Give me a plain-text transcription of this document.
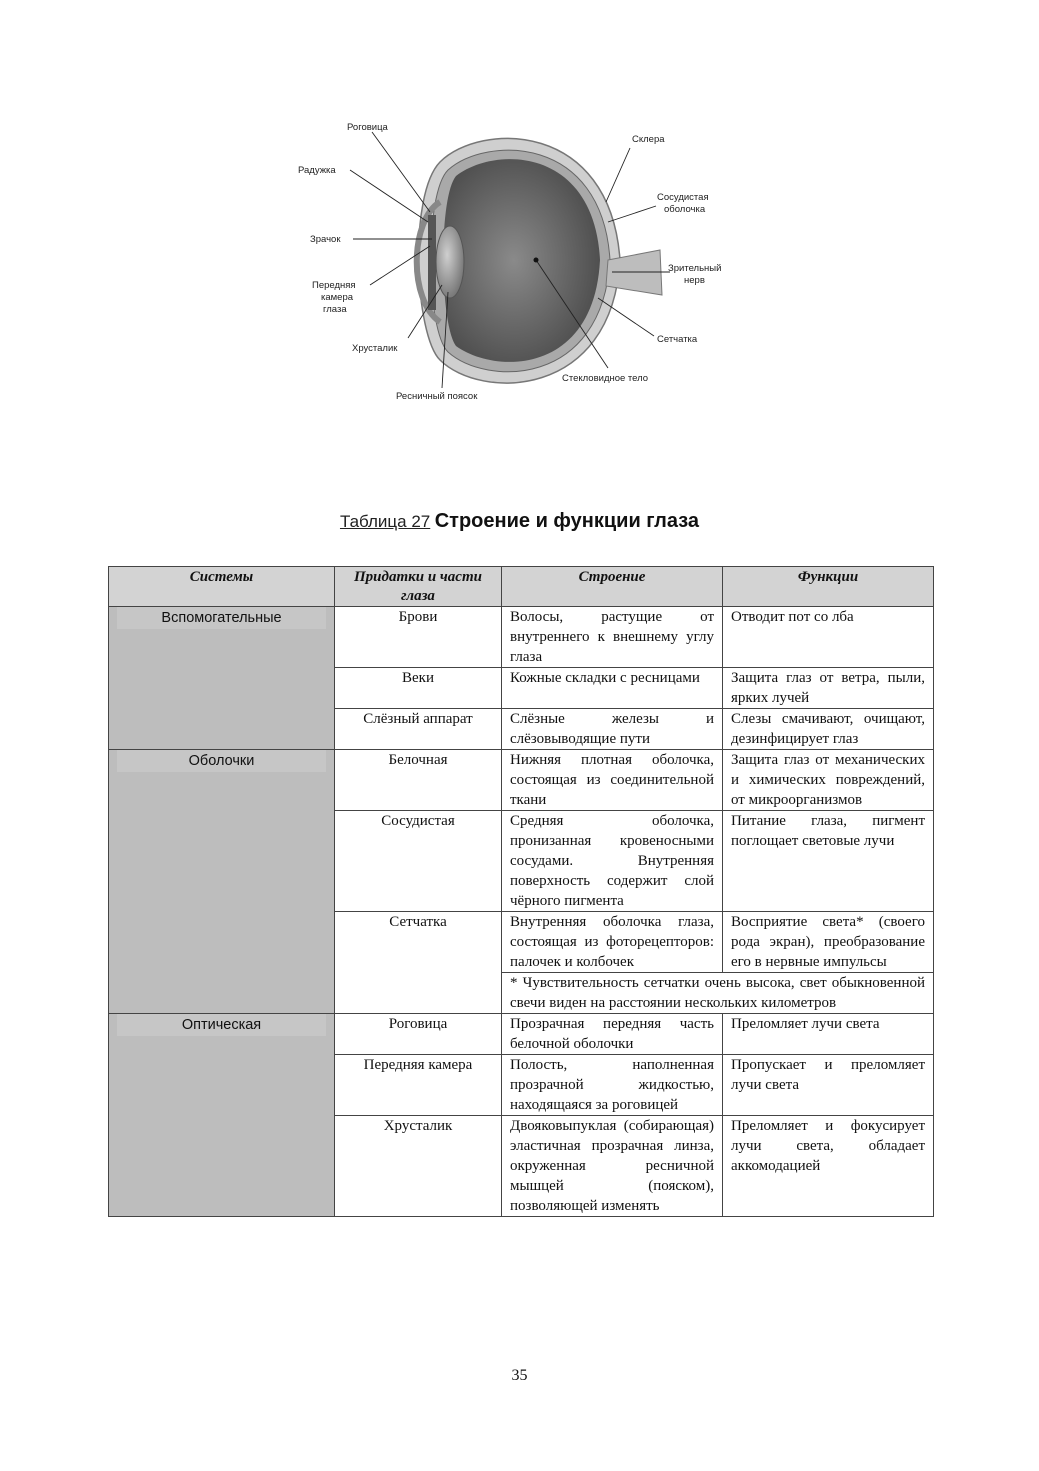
Роговица
Радужка
Зрачок
Передняя
камера
глаза
Хрусталик
Ресничный поясок
Склера
Сосудистая
оболочка
Зрительный
нерв
Сетчатка
Стекловидное тело
Таблица 27 Строение и функции глаза
Системы	Придатки и части глаза	Строение	Функции

Вспомогательные	Брови	Волосы, растущие от внутреннего к внешнему углу глаза	Отводит пот со лба
	Веки	Кожные складки с ресницами	Защита глаз от ветра, пыли, ярких лучей
	Слёзный аппарат	Слёзные железы и слёзовыводящие пути	Слезы смачивают, очищают, дезинфицирует глаз

Оболочки	Белочная	Нижняя плотная оболочка, состоящая из соединительной ткани	Защита глаз от механических и химических повреждений, от микроорганизмов
	Сосудистая	Средняя оболочка, пронизанная кровеносными сосудами. Внутренняя поверхность содержит слой чёрного пигмента	Питание глаза, пигмент поглощает световые лучи
	Сетчатка	Внутренняя оболочка глаза, состоящая из фоторецепторов: палочек и колбочек	Восприятие света* (своего рода экран), преобразование его в нервные импульсы
		* Чувствительность сетчатки очень высока, свет обыкновенной свечи виден на расстоянии нескольких километров	

Оптическая	Роговица	Прозрачная передняя часть белочной оболочки	Преломляет лучи света
	Передняя камера	Полость, наполненная прозрачной жидкостью, находящаяся за роговицей	Пропускает и преломляет лучи света
	Хрусталик	Двояковыпуклая (собирающая) эластичная прозрачная линза, окруженная ресничной мышцей (пояском), позволяющей изменять	Преломляет и фокусирует лучи света, обладает аккомодацией
35
